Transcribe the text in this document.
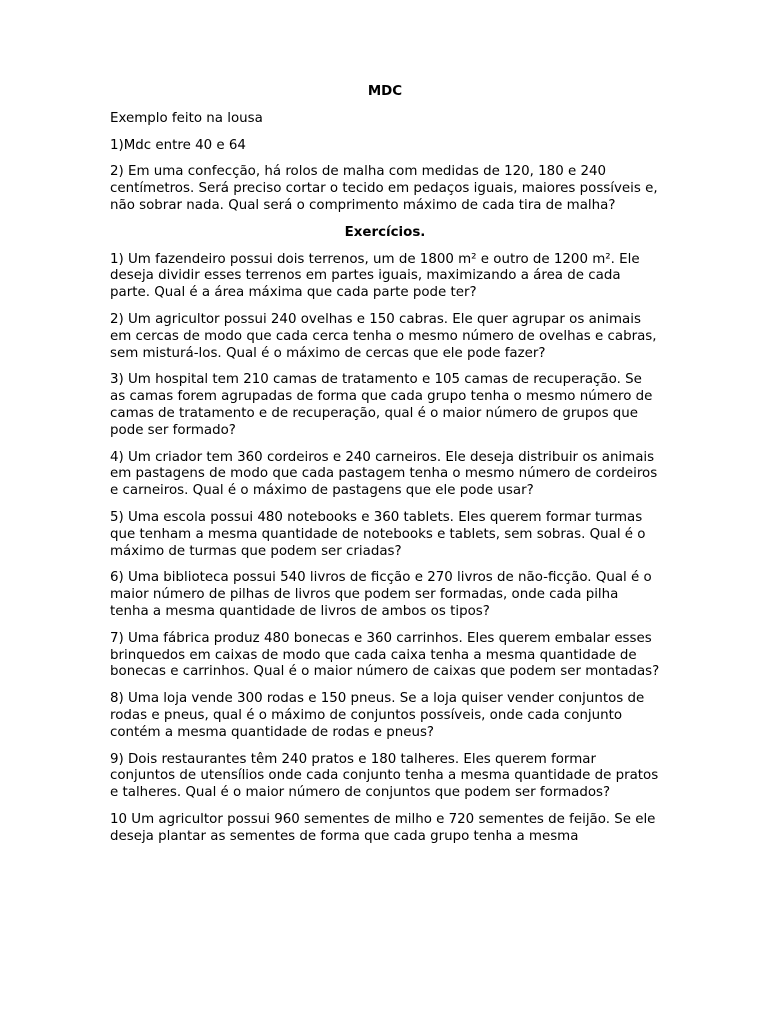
MDC
Exemplo feito na lousa
1)Mdc entre 40 e 64
2) Em uma confecção, há rolos de malha com medidas de 120, 180 e 240 centímetros. Será preciso cortar o tecido em pedaços iguais, maiores possíveis e, não sobrar nada. Qual será o comprimento máximo de cada tira de malha?
Exercícios.
1) Um fazendeiro possui dois terrenos, um de 1800 m² e outro de 1200 m². Ele deseja dividir esses terrenos em partes iguais, maximizando a área de cada parte. Qual é a área máxima que cada parte pode ter?
2) Um agricultor possui 240 ovelhas e 150 cabras. Ele quer agrupar os animais em cercas de modo que cada cerca tenha o mesmo número de ovelhas e cabras, sem misturá-los. Qual é o máximo de cercas que ele pode fazer?
3) Um hospital tem 210 camas de tratamento e 105 camas de recuperação. Se as camas forem agrupadas de forma que cada grupo tenha o mesmo número de camas de tratamento e de recuperação, qual é o maior número de grupos que pode ser formado?
4) Um criador tem 360 cordeiros e 240 carneiros. Ele deseja distribuir os animais em pastagens de modo que cada pastagem tenha o mesmo número de cordeiros e carneiros. Qual é o máximo de pastagens que ele pode usar?
5) Uma escola possui 480 notebooks e 360 tablets. Eles querem formar turmas que tenham a mesma quantidade de notebooks e tablets, sem sobras. Qual é o máximo de turmas que podem ser criadas?
6) Uma biblioteca possui 540 livros de ficção e 270 livros de não-ficção. Qual é o maior número de pilhas de livros que podem ser formadas, onde cada pilha tenha a mesma quantidade de livros de ambos os tipos?
7) Uma fábrica produz 480 bonecas e 360 carrinhos. Eles querem embalar esses brinquedos em caixas de modo que cada caixa tenha a mesma quantidade de bonecas e carrinhos. Qual é o maior número de caixas que podem ser montadas?
8) Uma loja vende 300 rodas e 150 pneus. Se a loja quiser vender conjuntos de rodas e pneus, qual é o máximo de conjuntos possíveis, onde cada conjunto contém a mesma quantidade de rodas e pneus?
9) Dois restaurantes têm 240 pratos e 180 talheres. Eles querem formar conjuntos de utensílios onde cada conjunto tenha a mesma quantidade de pratos e talheres. Qual é o maior número de conjuntos que podem ser formados?
10 Um agricultor possui 960 sementes de milho e 720 sementes de feijão. Se ele deseja plantar as sementes de forma que cada grupo tenha a mesma
